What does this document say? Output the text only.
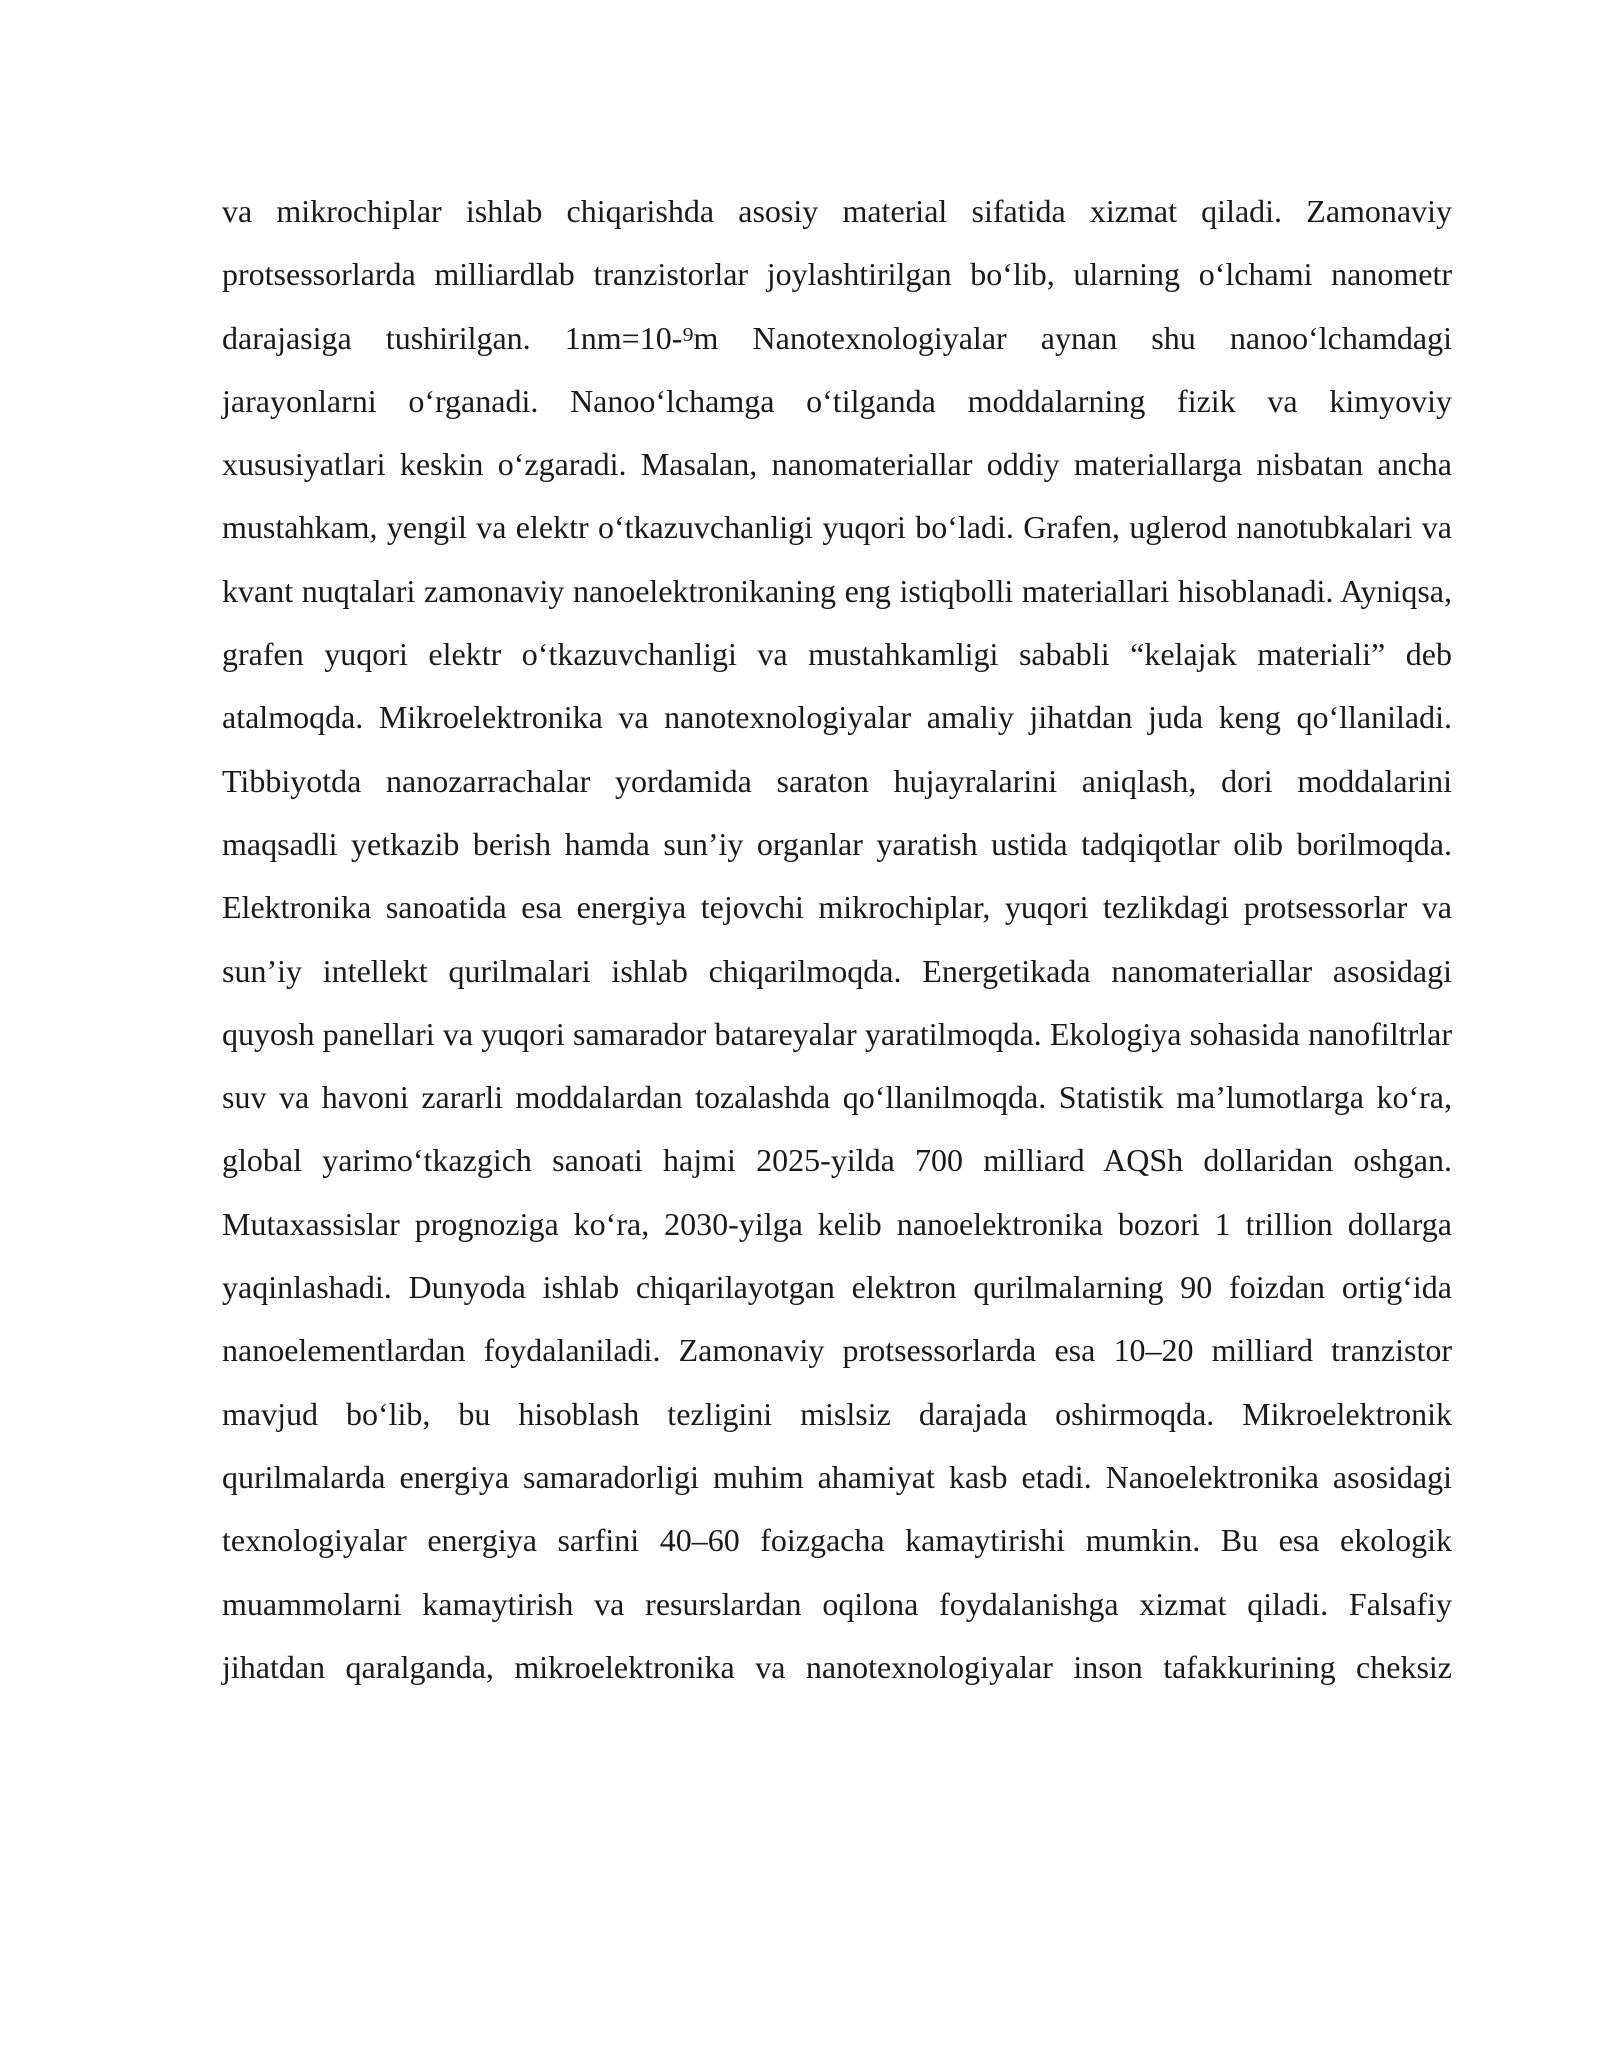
va mikrochiplar ishlab chiqarishda asosiy material sifatida xizmat qiladi. Zamonaviy protsessorlarda milliardlab tranzistorlar joylashtirilgan bo‘lib, ularning o‘lchami nanometr darajasiga tushirilgan. 1nm=10-⁹m Nanotexnologiyalar aynan shu nanoo‘lchamdagi jarayonlarni o‘rganadi. Nanoo‘lchamga o‘tilganda moddalarning fizik va kimyoviy xususiyatlari keskin o‘zgaradi. Masalan, nanomateriallar oddiy materiallarga nisbatan ancha mustahkam, yengil va elektr o‘tkazuvchanligi yuqori bo‘ladi. Grafen, uglerod nanotubkalari va kvant nuqtalari zamonaviy nanoelektronikaning eng istiqbolli materiallari hisoblanadi. Ayniqsa, grafen yuqori elektr o‘tkazuvchanligi va mustahkamligi sababli “kelajak materiali” deb atalmoqda. Mikroelektronika va nanotexnologiyalar amaliy jihatdan juda keng qo‘llaniladi. Tibbiyotda nanozarrachalar yordamida saraton hujayralarini aniqlash, dori moddalarini maqsadli yetkazib berish hamda sun’iy organlar yaratish ustida tadqiqotlar olib borilmoqda. Elektronika sanoatida esa energiya tejovchi mikrochiplar, yuqori tezlikdagi protsessorlar va sun’iy intellekt qurilmalari ishlab chiqarilmoqda. Energetikada nanomateriallar asosidagi quyosh panellari va yuqori samarador batareyalar yaratilmoqda. Ekologiya sohasida nanofiltrlar suv va havoni zararli moddalardan tozalashda qo‘llanilmoqda. Statistik ma’lumotlarga ko‘ra, global yarimo‘tkazgich sanoati hajmi 2025-yilda 700 milliard AQSh dollaridan oshgan. Mutaxassislar prognoziga ko‘ra, 2030-yilga kelib nanoelektronika bozori 1 trillion dollarga yaqinlashadi. Dunyoda ishlab chiqarilayotgan elektron qurilmalarning 90 foizdan ortig‘ida nanoelementlardan foydalaniladi. Zamonaviy protsessorlarda esa 10–20 milliard tranzistor mavjud bo‘lib, bu hisoblash tezligini mislsiz darajada oshirmoqda. Mikroelektronik qurilmalarda energiya samaradorligi muhim ahamiyat kasb etadi. Nanoelektronika asosidagi texnologiyalar energiya sarfini 40–60 foizgacha kamaytirishi mumkin. Bu esa ekologik muammolarni kamaytirish va resurslardan oqilona foydalanishga xizmat qiladi. Falsafiy jihatdan qaralganda, mikroelektronika va nanotexnologiyalar inson tafakkurining cheksiz
